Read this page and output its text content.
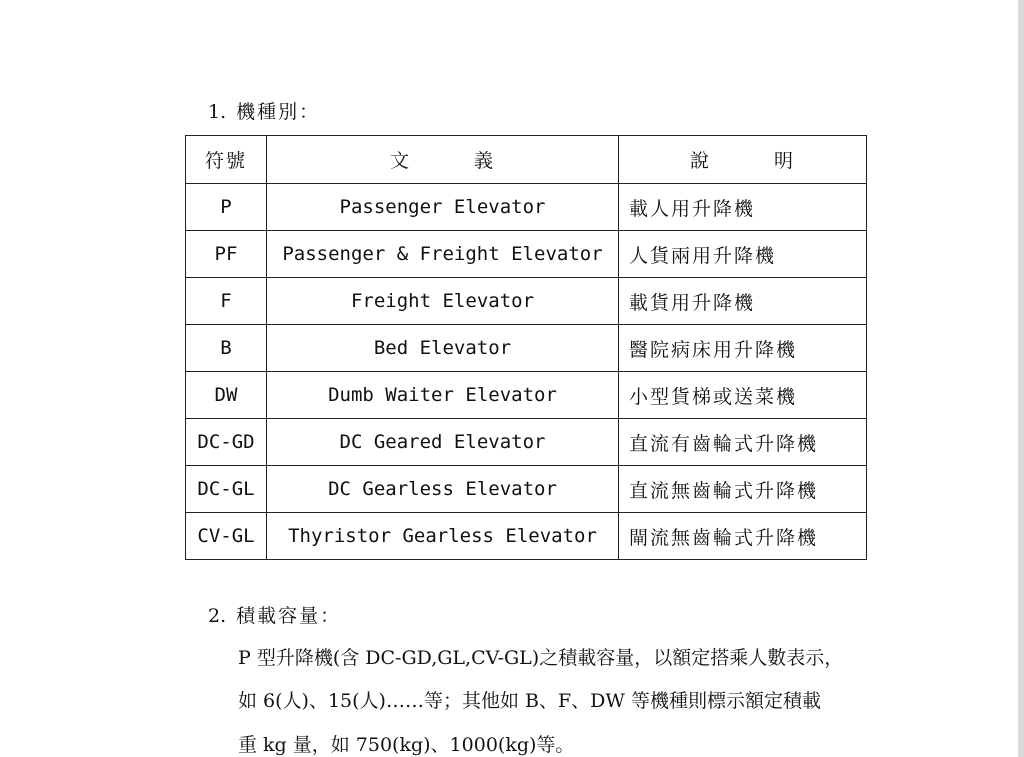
1. 機種別：
符號	文　　　義	說　　　明
P	Passenger Elevator	載人用升降機
PF	Passenger & Freight Elevator	人貨兩用升降機
F	Freight Elevator	載貨用升降機
B	Bed Elevator	醫院病床用升降機
DW	Dumb Waiter Elevator	小型貨梯或送菜機
DC-GD	DC Geared Elevator	直流有齒輪式升降機
DC-GL	DC Gearless Elevator	直流無齒輪式升降機
CV-GL	Thyristor Gearless Elevator	閘流無齒輪式升降機
2. 積載容量：
P 型升降機(含 DC-GD,GL,CV-GL)之積載容量，以額定搭乘人數表示，
如 6(人)、15(人)……等；其他如 B、F、DW 等機種則標示額定積載
重 kg 量，如 750(kg)、1000(kg)等。
